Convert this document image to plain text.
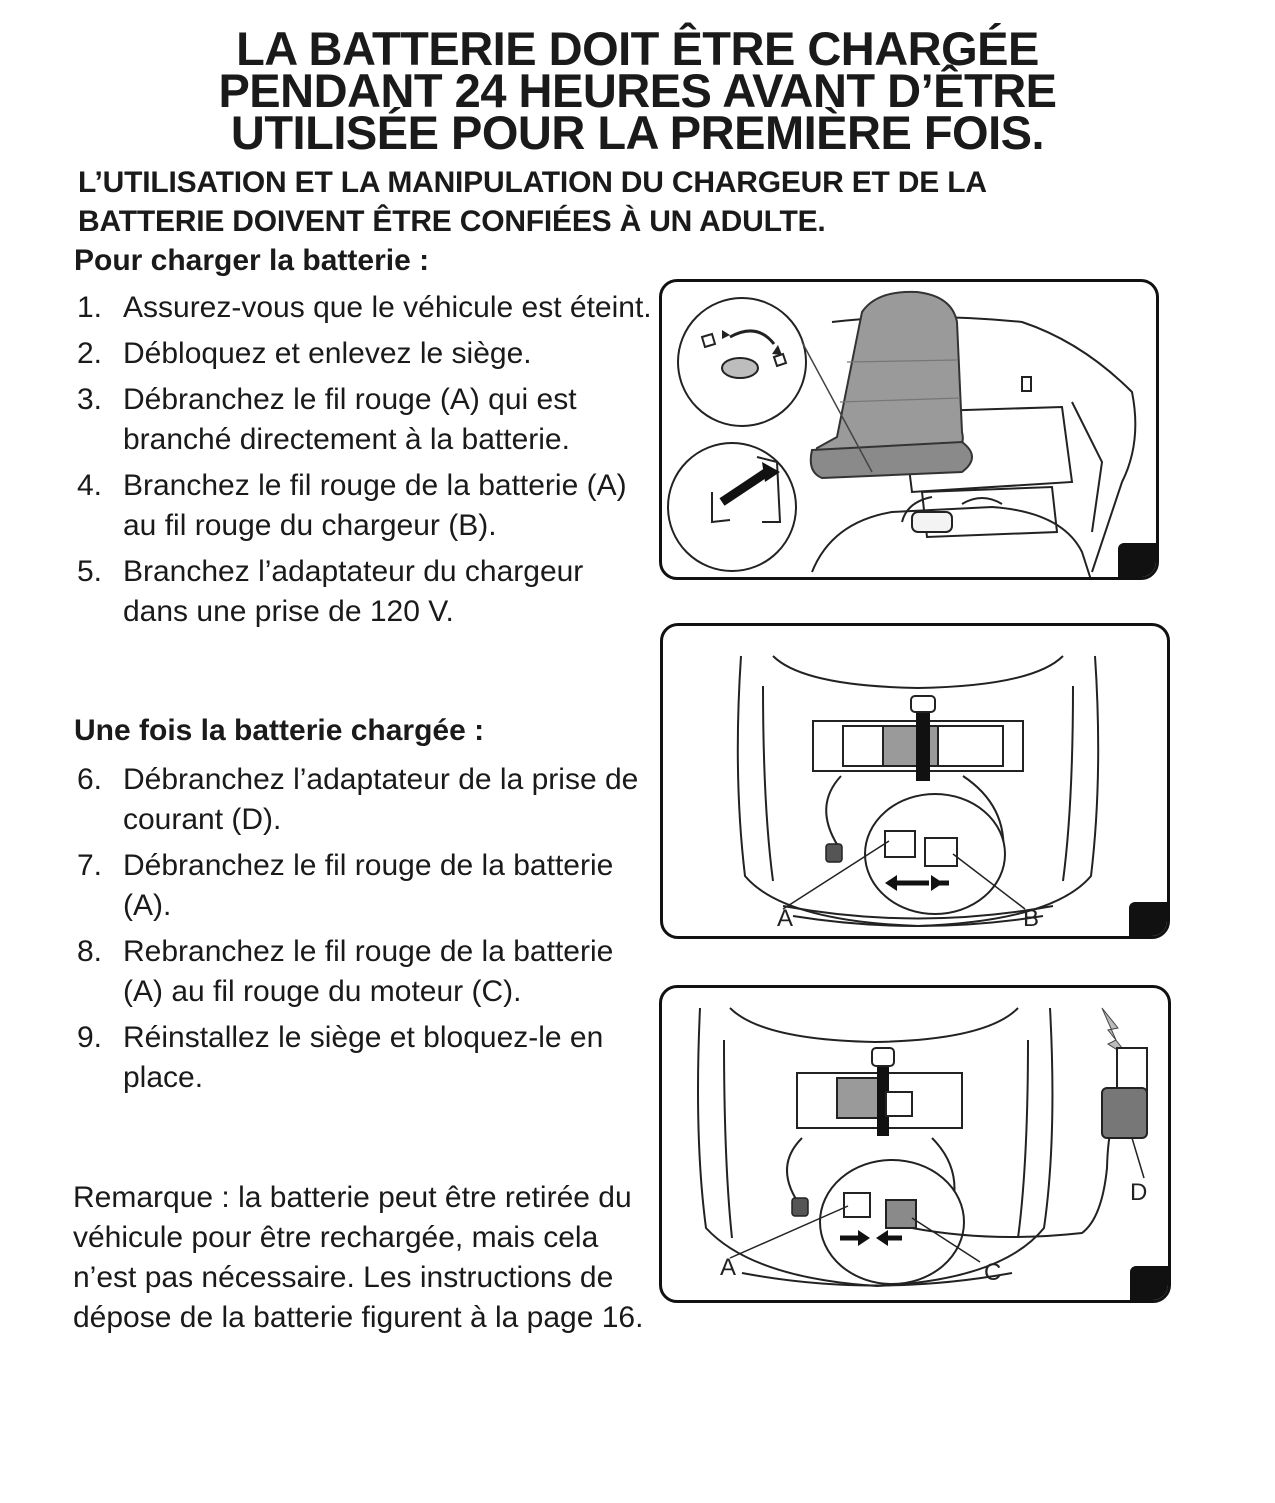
LA BATTERIE DOIT ÊTRE CHARGÉE
PENDANT 24 HEURES AVANT D’ÊTRE
UTILISÉE POUR LA PREMIÈRE FOIS.

L’UTILISATION ET LA MANIPULATION DU CHARGEUR ET DE LA
BATTERIE DOIVENT ÊTRE CONFIÉES À UN ADULTE.

Pour charger la batterie :
1. Assurez-vous que le véhicule est éteint.
2. Débloquez et enlevez le siège.
3. Débranchez le fil rouge (A) qui est branché directement à la batterie.
4. Branchez le fil rouge de la batterie (A) au fil rouge du chargeur (B).
5. Branchez l’adaptateur du chargeur dans une prise de 120 V.
Une fois la batterie chargée :
6. Débranchez l’adaptateur de la prise de courant (D).
7. Débranchez le fil rouge de la batterie (A).
8. Rebranchez le fil rouge de la batterie (A) au fil rouge du moteur (C).
9. Réinstallez le siège et bloquez-le en place.

Remarque : la batterie peut être retirée du véhicule pour être rechargée, mais cela n’est pas nécessaire. Les instructions de dépose de la batterie figurent à la page 16.

A	B
A	C
D
